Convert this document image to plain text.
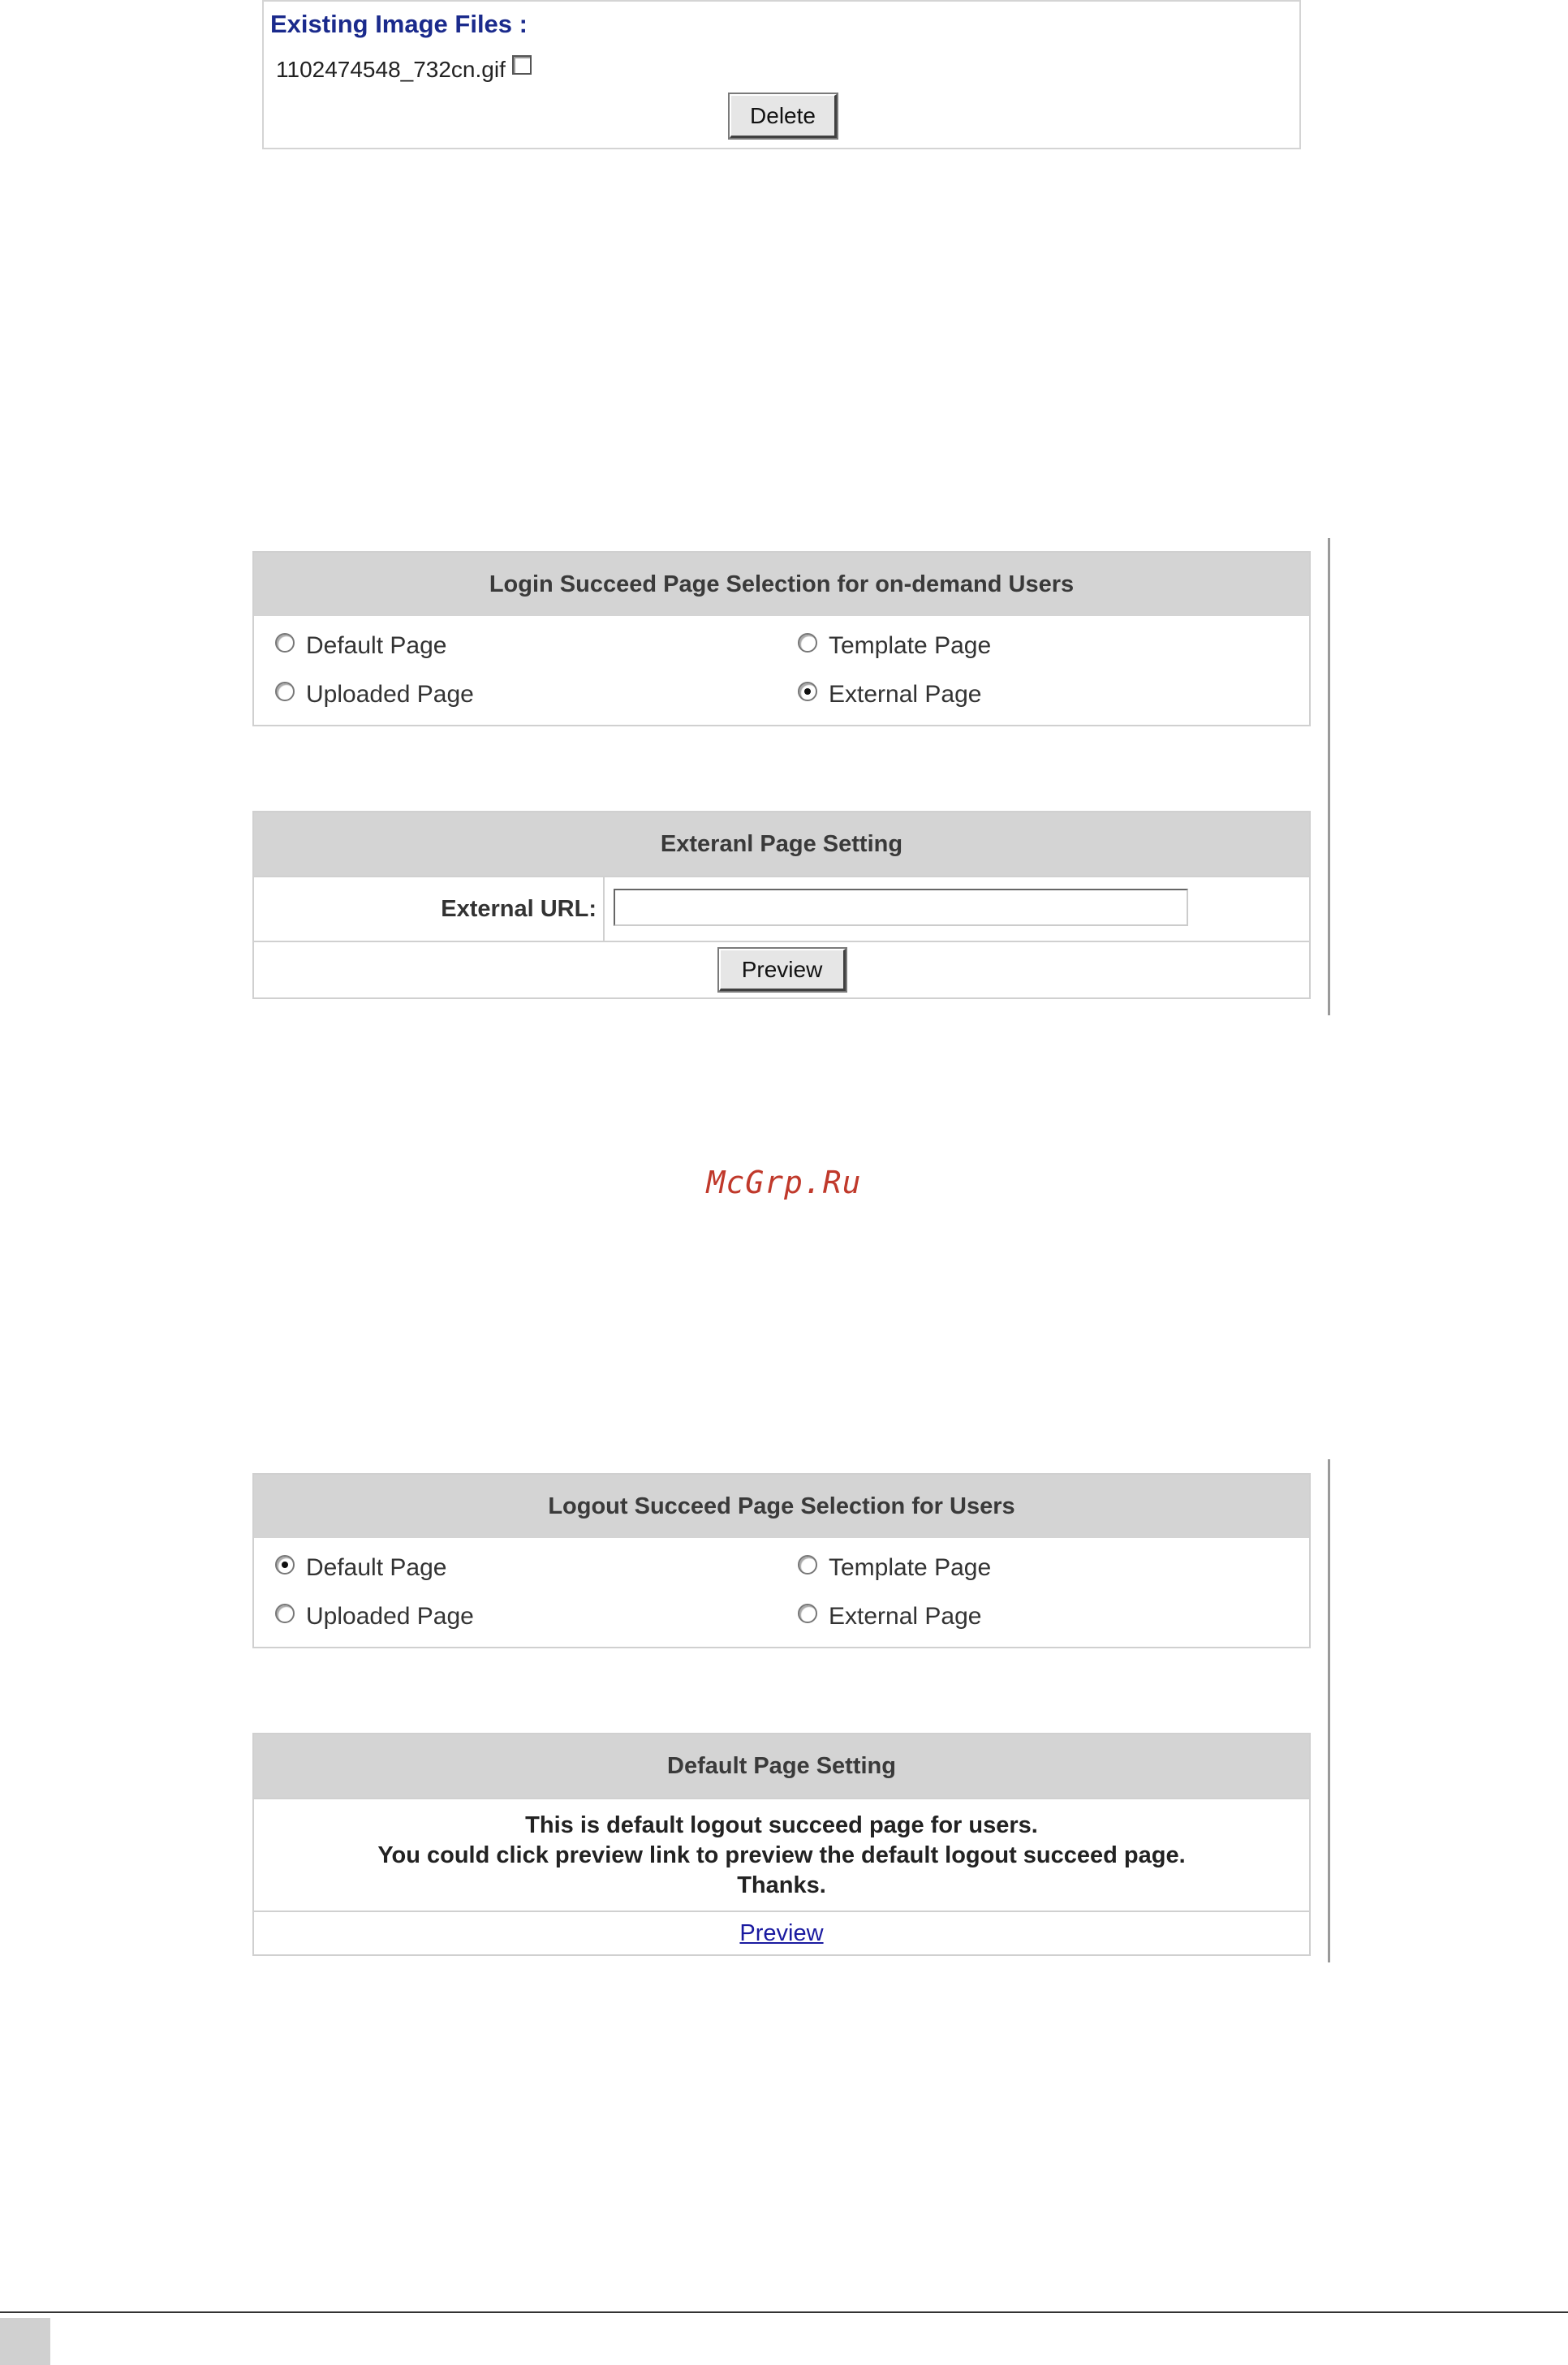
Existing Image Files :
1102474548_732cn.gif
Delete
Login Succeed Page Selection for on-demand Users
Default Page	Template Page
Uploaded Page	External Page
Exteranl Page Setting
External URL:
Preview
McGrp.Ru
Logout Succeed Page Selection for Users
Default Page	Template Page
Uploaded Page	External Page
Default Page Setting
This is default logout succeed page for users.
You could click preview link to preview the default logout succeed page.
Thanks.
Preview
